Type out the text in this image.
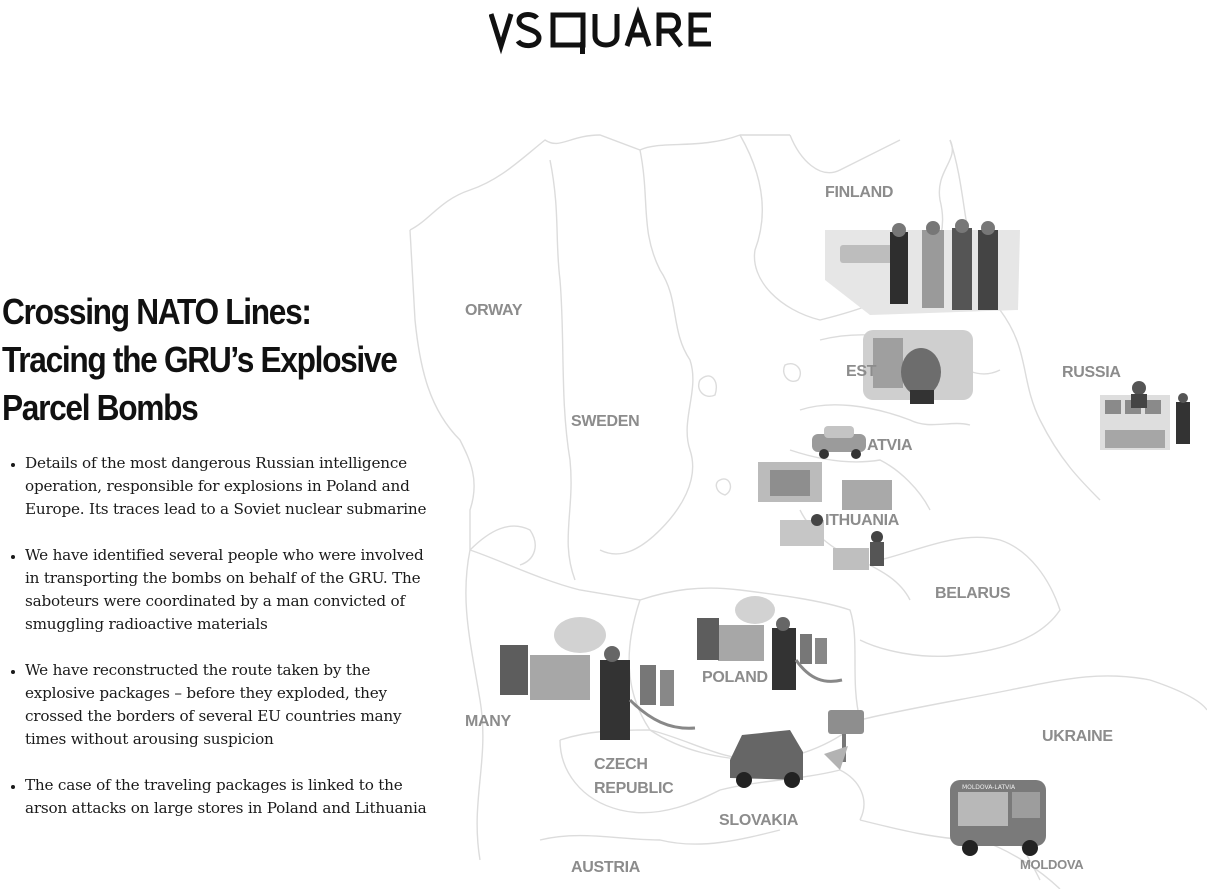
MOLDOVA-LATVIA
FINLAND
ORWAY
SWEDEN
EST	RUSSIA
ATVIA
ITHUANIA
BELARUS
POLAND
MANY
CZECH
REPUBLIC
UKRAINE
SLOVAKIA
AUSTRIA	MOLDOVA
Crossing NATO Lines:
Tracing the GRU’s Explosive
Parcel Bombs
• Details of the most dangerous Russian intelligence operation, responsible for explosions in Poland and Europe. Its traces lead to a Soviet nuclear submarine
• We have identified several people who were involved in transporting the bombs on behalf of the GRU. The saboteurs were coordinated by a man convicted of smuggling radioactive materials
• We have reconstructed the route taken by the explosive packages – before they exploded, they crossed the borders of several EU countries many times without arousing suspicion
• The case of the traveling packages is linked to the arson attacks on large stores in Poland and Lithuania
